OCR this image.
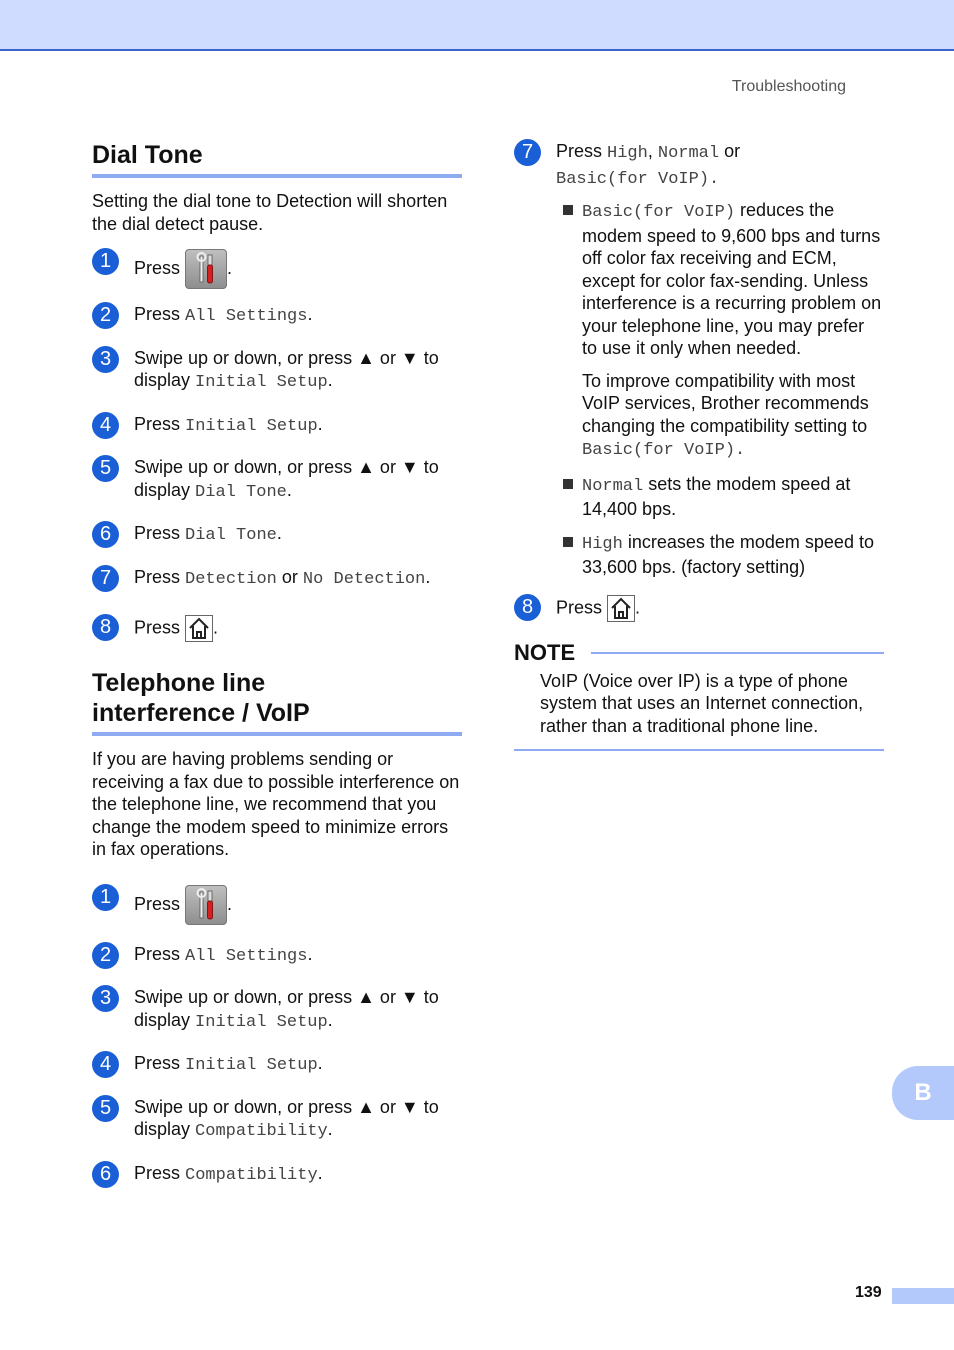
Troubleshooting
Dial Tone

Setting the dial tone to Detection will shorten the dial detect pause.

1	Press	.
2	Press All Settings.
3	Swipe up or down, or press ▲ or ▼ to display Initial Setup.
4	Press Initial Setup.
5	Swipe up or down, or press ▲ or ▼ to display Dial Tone.
6	Press Dial Tone.
7	Press Detection or No Detection.
8	Press .
Telephone line
interference / VoIP

If you are having problems sending or receiving a fax due to possible interference on the telephone line, we recommend that you change the modem speed to minimize errors in fax operations.

1	Press	.
2	Press All Settings.
3	Swipe up or down, or press ▲ or ▼ to display Initial Setup.
4	Press Initial Setup.
5	Swipe up or down, or press ▲ or ▼ to display Compatibility.
6	Press Compatibility.
7	Press High, Normal or
Basic(for VoIP).
Basic(for VoIP) reduces the modem speed to 9,600 bps and turns off color fax receiving and ECM, except for color fax-sending. Unless interference is a recurring problem on your telephone line, you may prefer to use it only when needed.
To improve compatibility with most VoIP services, Brother recommends changing the compatibility setting to Basic(for VoIP).
Normal sets the modem speed at 14,400 bps.
High increases the modem speed to 33,600 bps. (factory setting)
8	Press .
NOTE
VoIP (Voice over IP) is a type of phone system that uses an Internet connection, rather than a traditional phone line.
B
139
